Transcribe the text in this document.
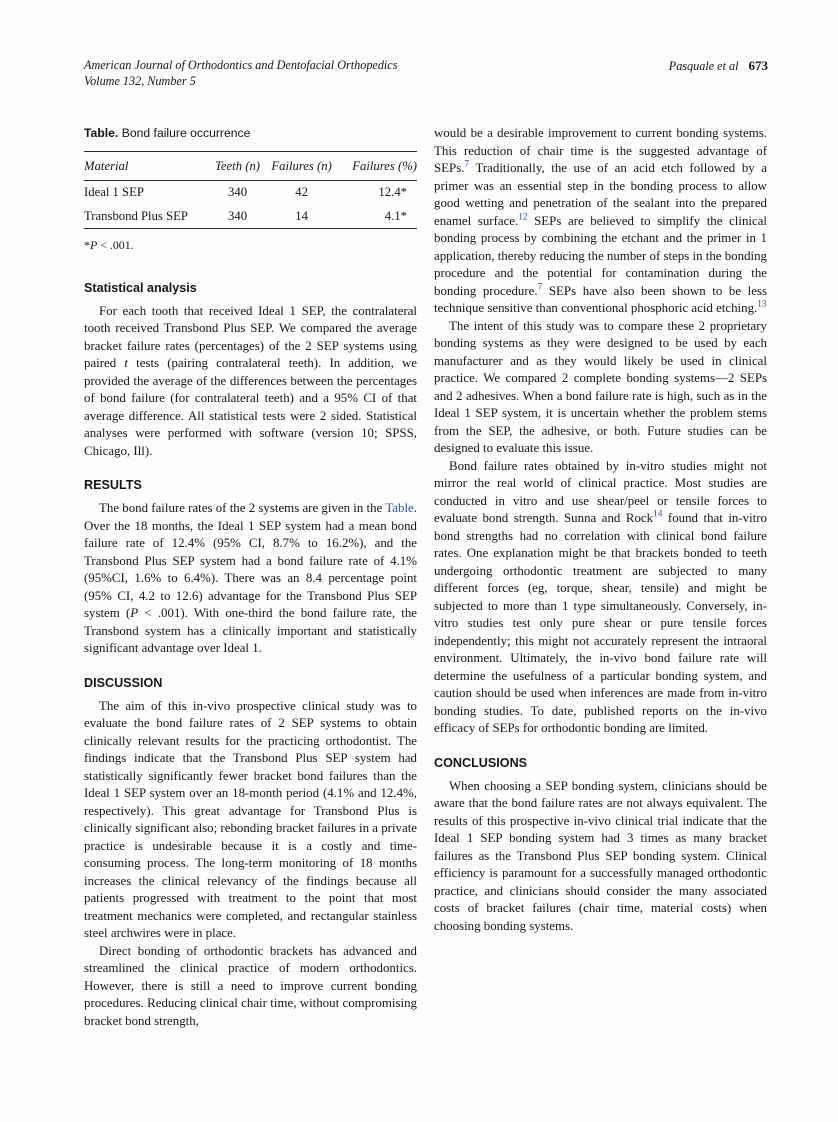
American Journal of Orthodontics and Dentofacial Orthopedics
Volume 132, Number 5
Pasquale et al 673
Table. Bond failure occurrence
Material	Teeth (n)	Failures (n)	Failures (%)
Ideal 1 SEP	340	42	12.4*
Transbond Plus SEP	340	14	4.1*
*P < .001.
Statistical analysis

For each tooth that received Ideal 1 SEP, the contralateral tooth received Transbond Plus SEP. We compared the average bracket failure rates (percentages) of the 2 SEP systems using paired t tests (pairing contralateral teeth). In addition, we provided the average of the differences between the percentages of bond failure (for contralateral teeth) and a 95% CI of that average difference. All statistical tests were 2 sided. Statistical analyses were performed with software (version 10; SPSS, Chicago, Ill).

RESULTS

The bond failure rates of the 2 systems are given in the Table. Over the 18 months, the Ideal 1 SEP system had a mean bond failure rate of 12.4% (95% CI, 8.7% to 16.2%), and the Transbond Plus SEP system had a bond failure rate of 4.1% (95%CI, 1.6% to 6.4%). There was an 8.4 percentage point (95% CI, 4.2 to 12.6) advantage for the Transbond Plus SEP system (P < .001). With one-third the bond failure rate, the Transbond system has a clinically important and statistically significant advantage over Ideal 1.

DISCUSSION

The aim of this in-vivo prospective clinical study was to evaluate the bond failure rates of 2 SEP systems to obtain clinically relevant results for the practicing orthodontist. The findings indicate that the Transbond Plus SEP system had statistically significantly fewer bracket bond failures than the Ideal 1 SEP system over an 18-month period (4.1% and 12.4%, respectively). This great advantage for Transbond Plus is clinically significant also; rebonding bracket failures in a private practice is undesirable because it is a costly and time-consuming process. The long-term monitoring of 18 months increases the clinical relevancy of the findings because all patients progressed with treatment to the point that most treatment mechanics were completed, and rectangular stainless steel archwires were in place.

Direct bonding of orthodontic brackets has advanced and streamlined the clinical practice of modern orthodontics. However, there is still a need to improve current bonding procedures. Reducing clinical chair time, without compromising bracket bond strength,

would be a desirable improvement to current bonding systems. This reduction of chair time is the suggested advantage of SEPs.$^7$ Traditionally, the use of an acid etch followed by a primer was an essential step in the bonding process to allow good wetting and penetration of the sealant into the prepared enamel surface.$^{12}$ SEPs are believed to simplify the clinical bonding process by combining the etchant and the primer in 1 application, thereby reducing the number of steps in the bonding procedure and the potential for contamination during the bonding procedure.$^7$ SEPs have also been shown to be less technique sensitive than conventional phosphoric acid etching.$^{13}$

The intent of this study was to compare these 2 proprietary bonding systems as they were designed to be used by each manufacturer and as they would likely be used in clinical practice. We compared 2 complete bonding systems—2 SEPs and 2 adhesives. When a bond failure rate is high, such as in the Ideal 1 SEP system, it is uncertain whether the problem stems from the SEP, the adhesive, or both. Future studies can be designed to evaluate this issue.

Bond failure rates obtained by in-vitro studies might not mirror the real world of clinical practice. Most studies are conducted in vitro and use shear/peel or tensile forces to evaluate bond strength. Sunna and Rock$^{14}$ found that in-vitro bond strengths had no correlation with clinical bond failure rates. One explanation might be that brackets bonded to teeth undergoing orthodontic treatment are subjected to many different forces (eg, torque, shear, tensile) and might be subjected to more than 1 type simultaneously. Conversely, in-vitro studies test only pure shear or pure tensile forces independently; this might not accurately represent the intraoral environment. Ultimately, the in-vivo bond failure rate will determine the usefulness of a particular bonding system, and caution should be used when inferences are made from in-vitro bonding studies. To date, published reports on the in-vivo efficacy of SEPs for orthodontic bonding are limited.

CONCLUSIONS

When choosing a SEP bonding system, clinicians should be aware that the bond failure rates are not always equivalent. The results of this prospective in-vivo clinical trial indicate that the Ideal 1 SEP bonding system had 3 times as many bracket failures as the Transbond Plus SEP bonding system. Clinical efficiency is paramount for a successfully managed orthodontic practice, and clinicians should consider the many associated costs of bracket failures (chair time, material costs) when choosing bonding systems.
